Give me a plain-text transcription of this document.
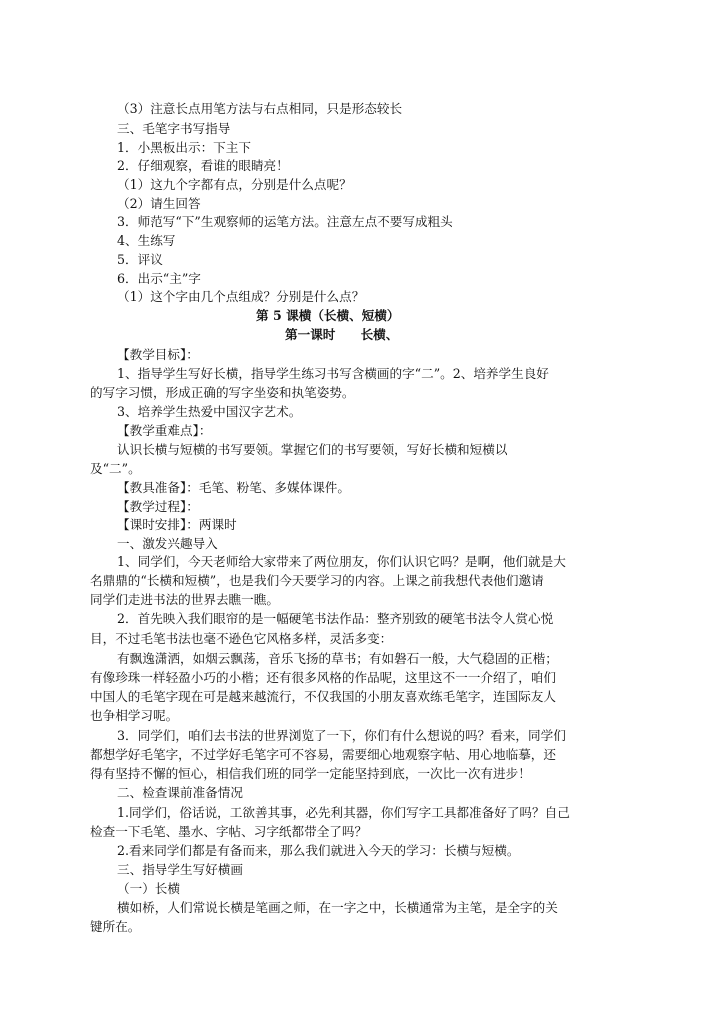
（3）注意长点用笔方法与右点相同，只是形态较长
三、毛笔字书写指导
1．小黑板出示：下主下
2．仔细观察，看谁的眼睛亮！
（1）这九个字都有点，分别是什么点呢？
（2）请生回答
3．师范写“下”生观察师的运笔方法。注意左点不要写成粗头
4、生练写
5．评议
6．出示“主”字
（1）这个字由几个点组成？分别是什么点？
第 5 课横（长横、短横）
第一课时　　长横、
【教学目标】：
1、指导学生写好长横，指导学生练习书写含横画的字“二”。2、培养学生良好
的写字习惯，形成正确的写字坐姿和执笔姿势。
3、培养学生热爱中国汉字艺术。
【教学重难点】：
认识长横与短横的书写要领。掌握它们的书写要领，写好长横和短横以
及“二”。
【教具准备】：毛笔、粉笔、多媒体课件。
【教学过程】：
【课时安排】：两课时
一、激发兴趣导入
1、同学们，今天老师给大家带来了两位朋友，你们认识它吗？是啊，他们就是大
名鼎鼎的“长横和短横”，也是我们今天要学习的内容。上课之前我想代表他们邀请
同学们走进书法的世界去瞧一瞧。
2．首先映入我们眼帘的是一幅硬笔书法作品：整齐别致的硬笔书法令人赏心悦
目，不过毛笔书法也毫不逊色它风格多样，灵活多变：
有飘逸潇洒，如烟云飘荡，音乐飞扬的草书；有如磐石一般，大气稳固的正楷；
有像珍珠一样轻盈小巧的小楷；还有很多风格的作品呢，这里这不一一介绍了，咱们
中国人的毛笔字现在可是越来越流行，不仅我国的小朋友喜欢练毛笔字，连国际友人
也争相学习呢。
3．同学们，咱们去书法的世界浏览了一下，你们有什么想说的吗？看来，同学们
都想学好毛笔字，不过学好毛笔字可不容易，需要细心地观察字帖、用心地临摹，还
得有坚持不懈的恒心，相信我们班的同学一定能坚持到底，一次比一次有进步！
二、检查课前准备情况
1.同学们，俗话说，工欲善其事，必先利其器，你们写字工具都准备好了吗？自己
检查一下毛笔、墨水、字帖、习字纸都带全了吗？
2.看来同学们都是有备而来，那么我们就进入今天的学习：长横与短横。
三、指导学生写好横画
（一）长横
横如桥，人们常说长横是笔画之师，在一字之中，长横通常为主笔，是全字的关
键所在。
